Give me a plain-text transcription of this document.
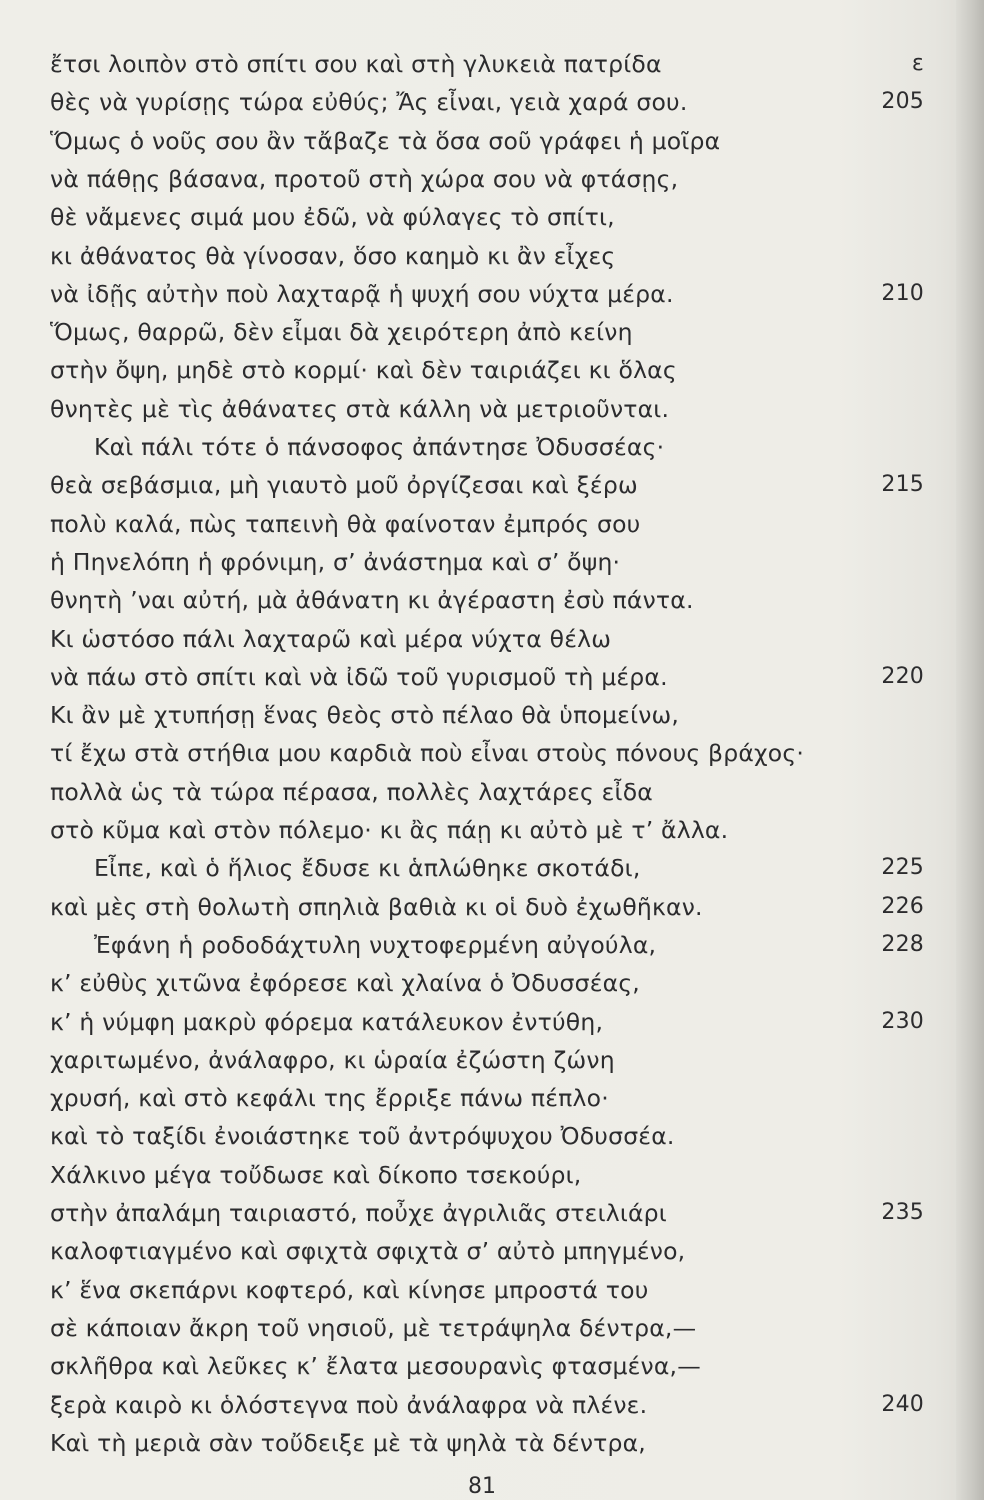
ἔτσι λοιπὸν στὸ σπίτι σου καὶ στὴ γλυκειὰ πατρίδα	ε
θὲς νὰ γυρίσῃς τώρα εὐθύς; Ἄς εἶναι, γειὰ χαρά σου.	205
Ὅμως ὁ νοῦς σου ἂν τἄβαζε τὰ ὅσα σοῦ γράφει ἡ μοῖρα
νὰ πάθῃς βάσανα, προτοῦ στὴ χώρα σου νὰ φτάσῃς,
θὲ νἄμενες σιμά μου ἐδῶ, νὰ φύλαγες τὸ σπίτι,
κι ἀθάνατος θὰ γίνοσαν, ὅσο καημὸ κι ἂν εἶχες
νὰ ἰδῇς αὐτὴν ποὺ λαχταρᾷ ἡ ψυχή σου νύχτα μέρα.	210
Ὅμως, θαρρῶ, δὲν εἶμαι δὰ χειρότερη ἀπὸ κείνη
στὴν ὄψη, μηδὲ στὸ κορμί· καὶ δὲν ταιριάζει κι ὅλας
θνητὲς μὲ τὶς ἀθάνατες στὰ κάλλη νὰ μετριοῦνται.
Καὶ πάλι τότε ὁ πάνσοφος ἀπάντησε Ὀδυσσέας·
θεὰ σεβάσμια, μὴ γιαυτὸ μοῦ ὀργίζεσαι καὶ ξέρω	215
πολὺ καλά, πὼς ταπεινὴ θὰ φαίνοταν ἐμπρός σου
ἡ Πηνελόπη ἡ φρόνιμη, σ’ ἀνάστημα καὶ σ’ ὄψη·
θνητὴ ’ναι αὐτή, μὰ ἀθάνατη κι ἀγέραστη ἐσὺ πάντα.
Κι ὡστόσο πάλι λαχταρῶ καὶ μέρα νύχτα θέλω
νὰ πάω στὸ σπίτι καὶ νὰ ἰδῶ τοῦ γυρισμοῦ τὴ μέρα.	220
Κι ἂν μὲ χτυπήσῃ ἕνας θεὸς στὸ πέλαο θὰ ὑπομείνω,
τί ἔχω στὰ στήθια μου καρδιὰ ποὺ εἶναι στοὺς πόνους βράχος·
πολλὰ ὡς τὰ τώρα πέρασα, πολλὲς λαχτάρες εἶδα
στὸ κῦμα καὶ στὸν πόλεμο· κι ἂς πάῃ κι αὐτὸ μὲ τ’ ἄλλα.
Εἶπε, καὶ ὁ ἥλιος ἔδυσε κι ἁπλώθηκε σκοτάδι,	225
καὶ μὲς στὴ θολωτὴ σπηλιὰ βαθιὰ κι οἱ δυὸ ἐχωθῆκαν.	226
Ἐφάνη ἡ ροδοδάχτυλη νυχτοφερμένη αὐγούλα,	228
κ’ εὐθὺς χιτῶνα ἐφόρεσε καὶ χλαίνα ὁ Ὀδυσσέας,
κ’ ἡ νύμφη μακρὺ φόρεμα κατάλευκον ἐντύθη,	230
χαριτωμένο, ἀνάλαφρο, κι ὡραία ἐζώστη ζώνη
χρυσή, καὶ στὸ κεφάλι της ἔρριξε πάνω πέπλο·
καὶ τὸ ταξίδι ἐνοιάστηκε τοῦ ἀντρόψυχου Ὀδυσσέα.
Χάλκινο μέγα τοὔδωσε καὶ δίκοπο τσεκούρι,
στὴν ἀπαλάμη ταιριαστό, ποὖχε ἀγριλιᾶς στειλιάρι	235
καλοφτιαγμένο καὶ σφιχτὰ σφιχτὰ σ’ αὐτὸ μπηγμένο,
κ’ ἕνα σκεπάρνι κοφτερό, καὶ κίνησε μπροστά του
σὲ κάποιαν ἄκρη τοῦ νησιοῦ, μὲ τετράψηλα δέντρα,—
σκλῆθρα καὶ λεῦκες κ’ ἔλατα μεσουρανὶς φτασμένα,—
ξερὰ καιρὸ κι ὁλόστεγνα ποὺ ἀνάλαφρα νὰ πλένε.	240
Καὶ τὴ μεριὰ σὰν τοὔδειξε μὲ τὰ ψηλὰ τὰ δέντρα,
81
